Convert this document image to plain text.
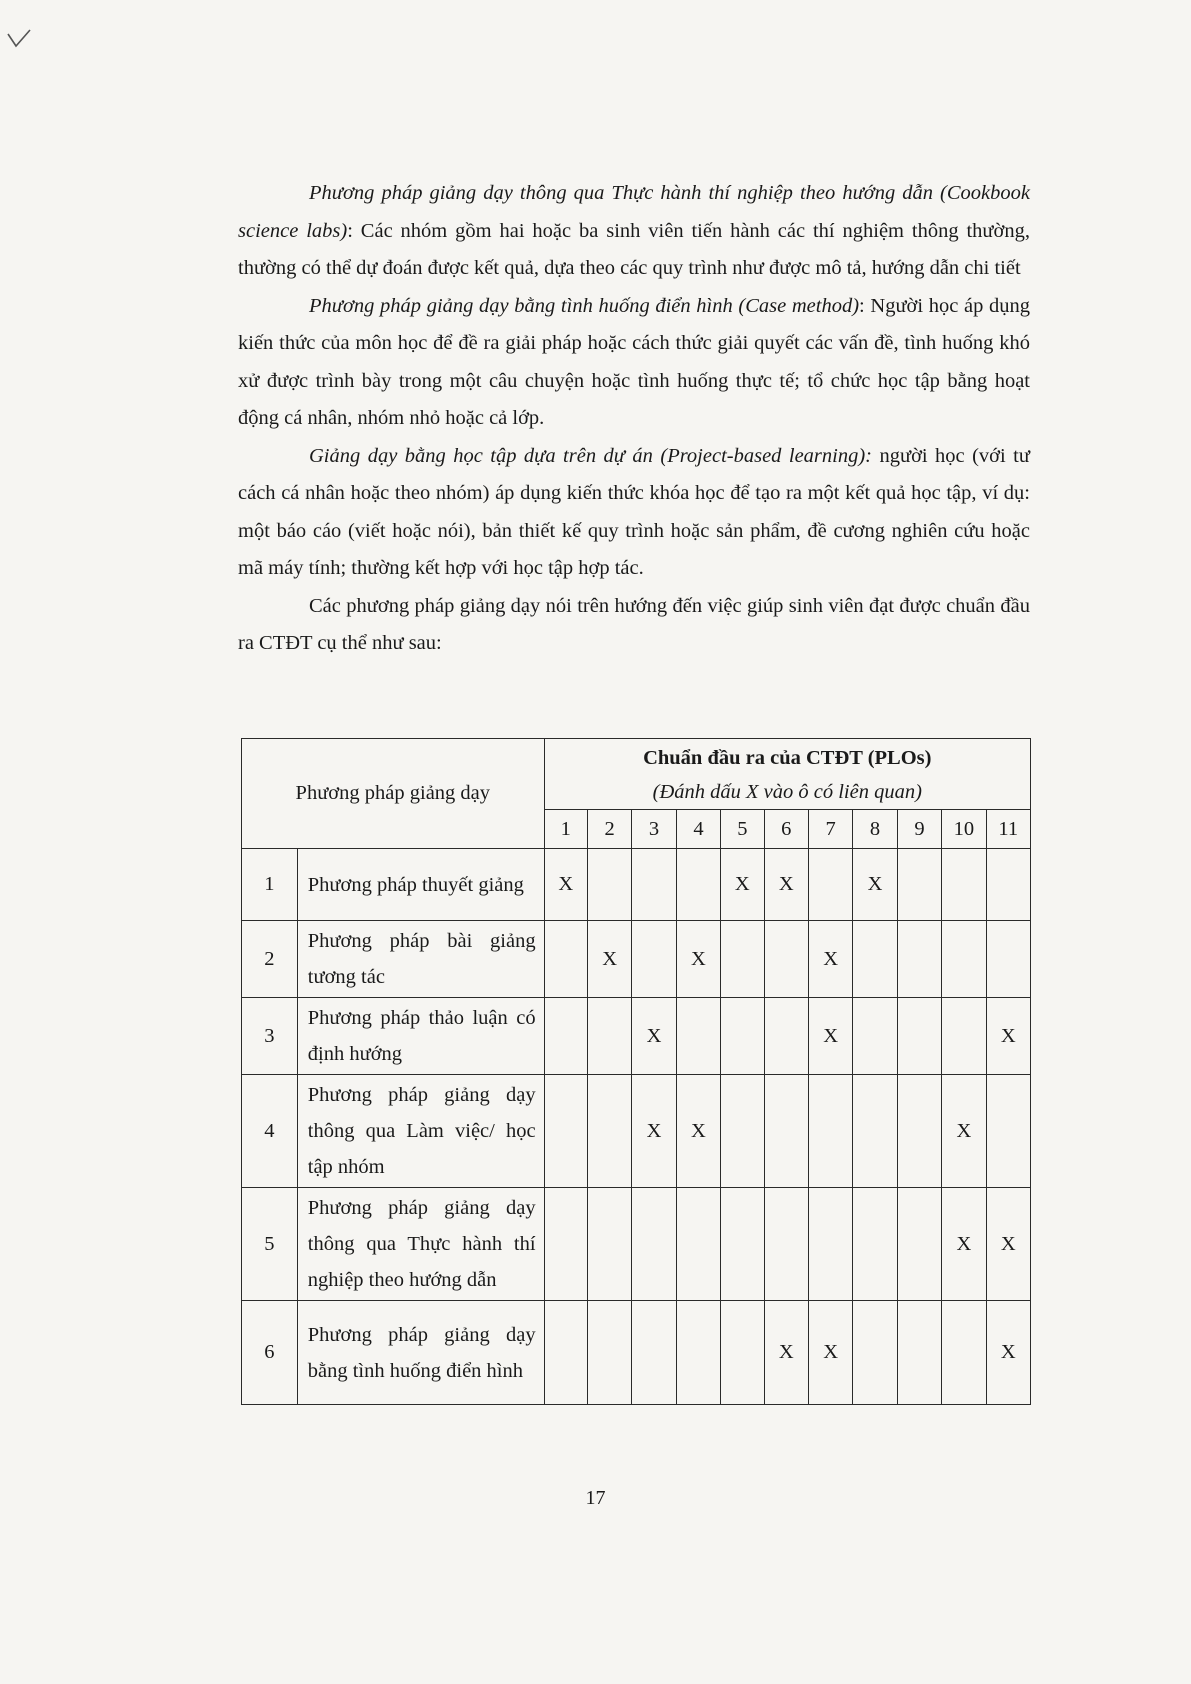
Phương pháp giảng dạy thông qua Thực hành thí nghiệp theo hướng dẫn (Cookbook science labs): Các nhóm gồm hai hoặc ba sinh viên tiến hành các thí nghiệm thông thường, thường có thể dự đoán được kết quả, dựa theo các quy trình như được mô tả, hướng dẫn chi tiết

Phương pháp giảng dạy bằng tình huống điển hình (Case method): Người học áp dụng kiến thức của môn học để đề ra giải pháp hoặc cách thức giải quyết các vấn đề, tình huống khó xử được trình bày trong một câu chuyện hoặc tình huống thực tế; tổ chức học tập bằng hoạt động cá nhân, nhóm nhỏ hoặc cả lớp.

Giảng dạy bằng học tập dựa trên dự án (Project-based learning): người học (với tư cách cá nhân hoặc theo nhóm) áp dụng kiến thức khóa học để tạo ra một kết quả học tập, ví dụ: một báo cáo (viết hoặc nói), bản thiết kế quy trình hoặc sản phẩm, đề cương nghiên cứu hoặc mã máy tính; thường kết hợp với học tập hợp tác.

Các phương pháp giảng dạy nói trên hướng đến việc giúp sinh viên đạt được chuẩn đầu ra CTĐT cụ thể như sau:

Phương pháp giảng dạy		Chuẩn đầu ra của CTĐT (PLOs)
(Đánh dấu X vào ô có liên quan)										

		1	2	3	4	5	6	7	8	9	10	11
1	Phương pháp thuyết giảng	X				X	X		X			
2	Phương pháp bài giảng tương tác		X		X			X				
3	Phương pháp thảo luận có định hướng			X				X				X
4	Phương pháp giảng dạy thông qua Làm việc/ học tập nhóm			X	X						X	
5	Phương pháp giảng dạy thông qua Thực hành thí nghiệp theo hướng dẫn										X	X
6	Phương pháp giảng dạy bằng tình huống điển hình						X	X				X
17
